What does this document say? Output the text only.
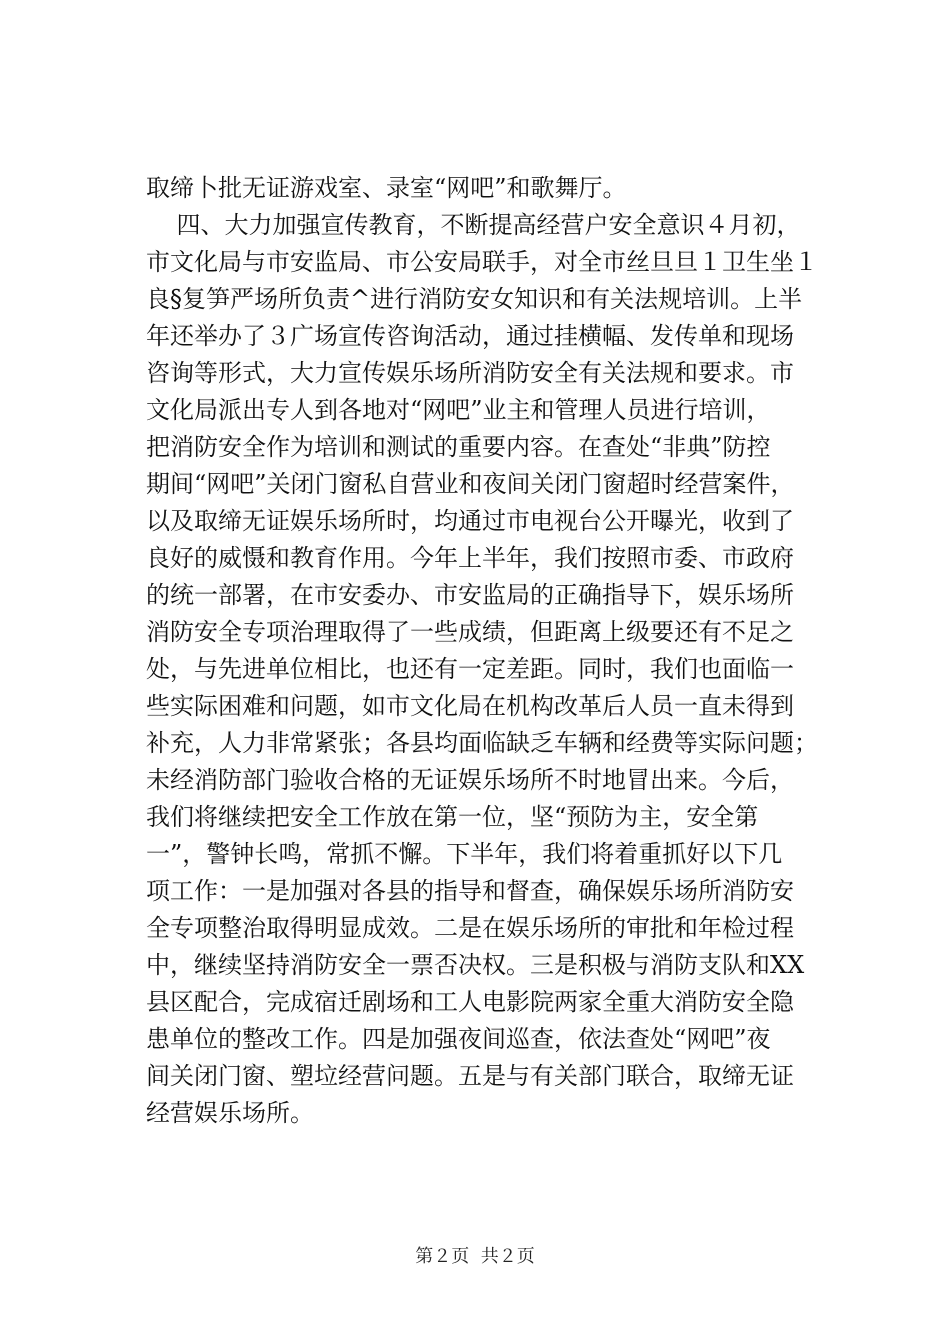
取缔卜批无证游戏室、录室“网吧”和歌舞厅。
四、大力加强宣传教育，不断提高经营户安全意识４月初，
市文化局与市安监局、市公安局联手，对全市丝旦旦１卫生坐１
良§复笋严场所负责^进行消防安女知识和有关法规培训。上半
年还举办了３广场宣传咨询活动，通过挂横幅、发传单和现场
咨询等形式，大力宣传娱乐场所消防安全有关法规和要求。市
文化局派出专人到各地对“网吧”业主和管理人员进行培训，
把消防安全作为培训和测试的重要内容。在查处“非典”防控
期间“网吧”关闭门窗私自营业和夜间关闭门窗超时经营案件，
以及取缔无证娱乐场所时，均通过市电视台公开曝光，收到了
良好的威慑和教育作用。今年上半年，我们按照市委、市政府
的统一部署，在市安委办、市安监局的正确指导下，娱乐场所
消防安全专项治理取得了一些成绩，但距离上级要还有不足之
处，与先进单位相比，也还有一定差距。同时，我们也面临一
些实际困难和问题，如市文化局在机构改革后人员一直未得到
补充，人力非常紧张；各县均面临缺乏车辆和经费等实际问题；
未经消防部门验收合格的无证娱乐场所不时地冒出来。今后，
我们将继续把安全工作放在第一位，坚“预防为主，安全第
一”，警钟长鸣，常抓不懈。下半年，我们将着重抓好以下几
项工作：一是加强对各县的指导和督查，确保娱乐场所消防安
全专项整治取得明显成效。二是在娱乐场所的审批和年检过程
中，继续坚持消防安全一票否决权。三是积极与消防支队和XX
县区配合，完成宿迁剧场和工人电影院两家全重大消防安全隐
患单位的整改工作。四是加强夜间巡查，依法查处“网吧”夜
间关闭门窗、塑垃经营问题。五是与有关部门联合，取缔无证
经营娱乐场所。
第２页  共２页
